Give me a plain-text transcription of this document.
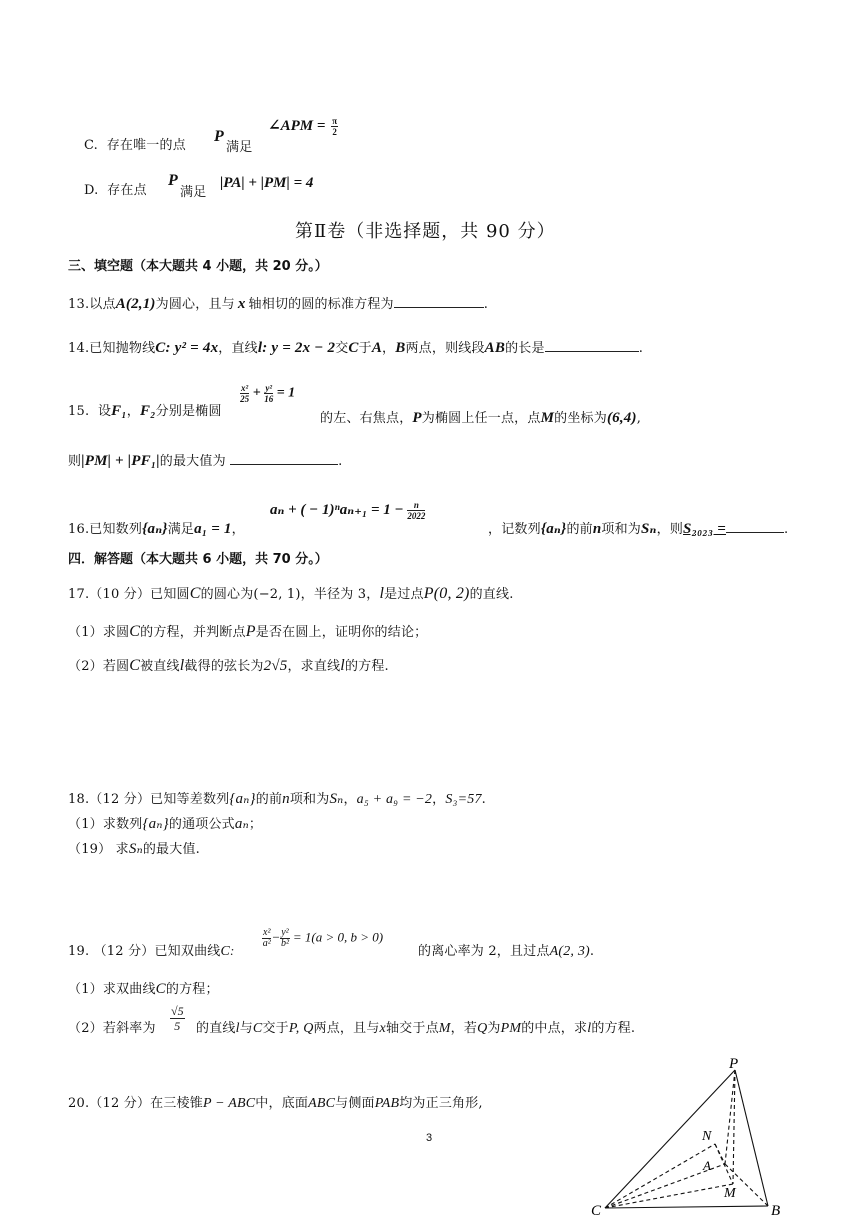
C. 存在唯一的点
P
满足
∠APM = $\frac{\pi}{2}$
D. 存在点
P
满足
|PA| + |PM| = 4
第Ⅱ卷（非选择题，共 90 分）
三、填空题（本大题共 4 小题，共 20 分。）
13.以点A(2,1)为圆心，且与 x 轴相切的圆的标准方程为	.
14.已知抛物线C: y² = 4x，直线l: y = 2x − 2交C于A，B两点，则线段AB的长是	.
15. 设F₁，F₂分别是椭圆
$\frac{\text{x²}}{25} + \frac{\text{y²}}{16} = 1$
的左、右焦点，P为椭圆上任一点，点M的坐标为(6,4),
则|PM| + |PF₁|的最大值为	.
16.已知数列{aₙ}满足a₁ = 1，
aₙ + ( − $1)^na_{n+1} = 1 - \frac{n}{2022}$
，记数列{aₙ}的前n项和为Sₙ，则S₂₀₂₃ =	.
四．解答题（本大题共 6 小题，共 70 分。）
17.（10 分）已知圆C的圆心为(−2, 1)，半径为 3，l是过点P(0, 2)的直线.
（1）求圆C的方程，并判断点P是否在圆上，证明你的结论；
（2）若圆C被直线l截得的弦长为2√5，求直线l的方程.
18.（12 分）已知等差数列{aₙ}的前n项和为Sₙ，a₅ + a₉ = −2，S₃=57.
（1）求数列{aₙ}的通项公式aₙ；
（19） 求Sₙ的最大值.
19. （12 分）已知双曲线C:
$\frac{\text{x²}}{\text{a²}} - \frac{\text{y²}}{\text{b²}} = 1(a > 0$, b > 0)
的离心率为 2，且过点A(2, 3).
（1）求双曲线C的方程；
（2）若斜率为 $\frac{√5}{5}$ 的直线l与C交于P, Q两点，且与x轴交于点M，若Q为PM的中点，求l的方程.
20.（12 分）在三棱锥P − ABC中，底面ABC与侧面PAB均为正三角形,
3
P
N
A
M
C	B
